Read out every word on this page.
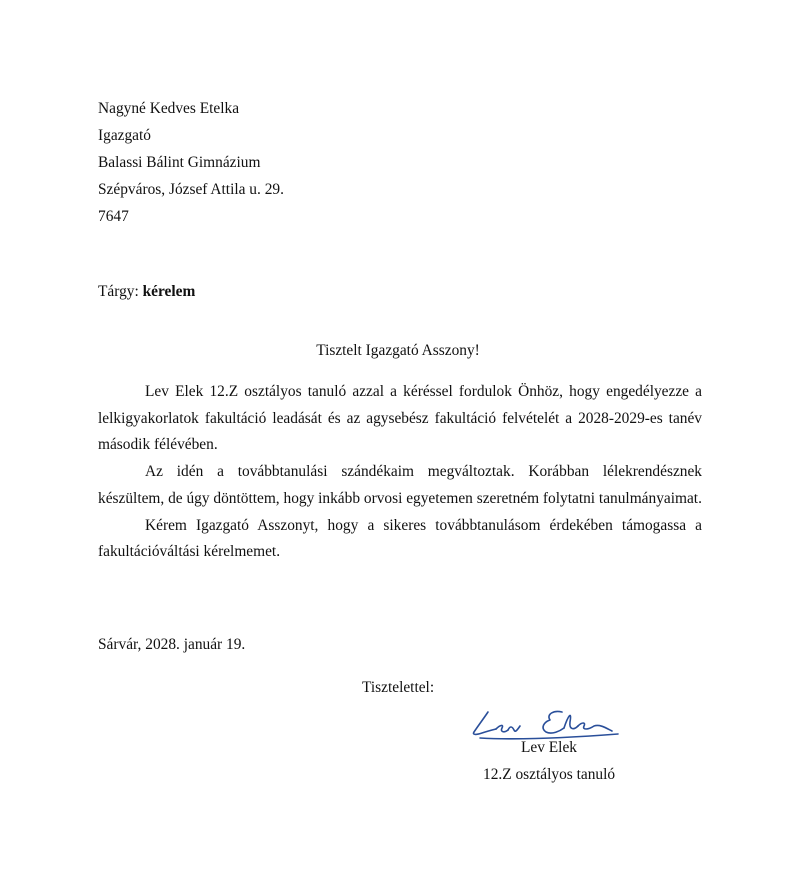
Nagyné Kedves Etelka
Igazgató
Balassi Bálint Gimnázium
Szépváros, József Attila u. 29.
7647
Tárgy: kérelem
Tisztelt Igazgató Asszony!

Lev Elek 12.Z osztályos tanuló azzal a kéréssel fordulok Önhöz, hogy engedélyezze a lelkigyakorlatok fakultáció leadását és az agysebész fakultáció felvételét a 2028-2029-es tanév második félévében.

Az idén a továbbtanulási szándékaim megváltoztak. Korábban lélekrendésznek készültem, de úgy döntöttem, hogy inkább orvosi egyetemen szeretném folytatni tanulmányaimat.

Kérem Igazgató Asszonyt, hogy a sikeres továbbtanulásom érdekében támogassa a fakultációváltási kérelmemet.

Sárvár, 2028. január 19.
Tisztelettel:
Lev Elek
12.Z osztályos tanuló
